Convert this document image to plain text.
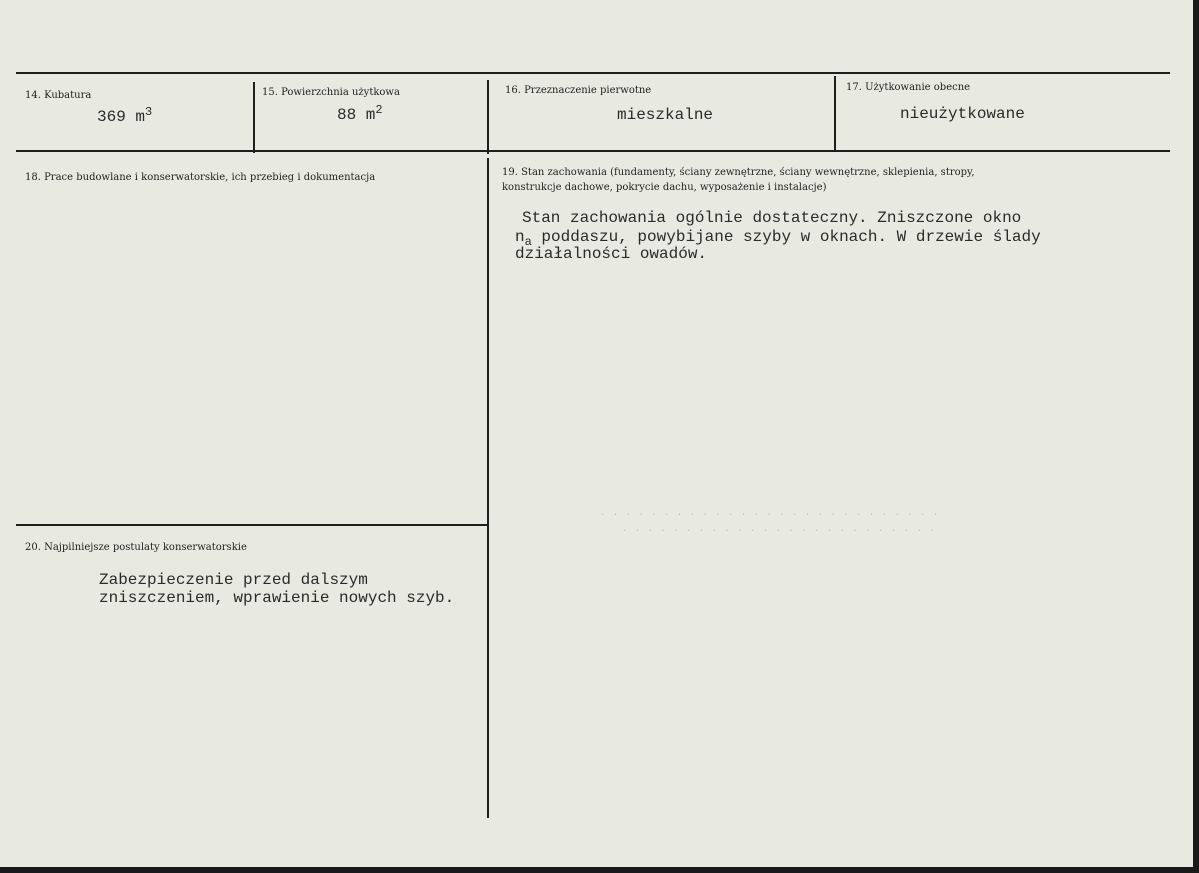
14. Kubatura
369 $m^3$
15. Powierzchnia użytkowa
88 $m^2$
16. Przeznaczenie pierwotne
mieszkalne
17. Użytkowanie obecne
nieużytkowane
18. Prace budowlane i konserwatorskie, ich przebieg i dokumentacja	19. Stan zachowania (fundamenty, ściany zewnętrzne, ściany wewnętrzne, sklepienia, stropy,
konstrukcje dachowe, pokrycie dachu, wyposażenie i instalacje)
Stan zachowania ogólnie dostateczny. Zniszczone okno
$n_a$ poddaszu, powybijane szyby w oknach. W drzewie ślady
działalności owadów.
20. Najpilniejsze postulaty konserwatorskie
Zabezpieczenie przed dalszym
zniszczeniem, wprawienie nowych szyb.
· · · · · · · · · · · · · · · · · · · · · · · · · · ·
· · · · · · · · · · · · · · · · · · · · · · · · ·
